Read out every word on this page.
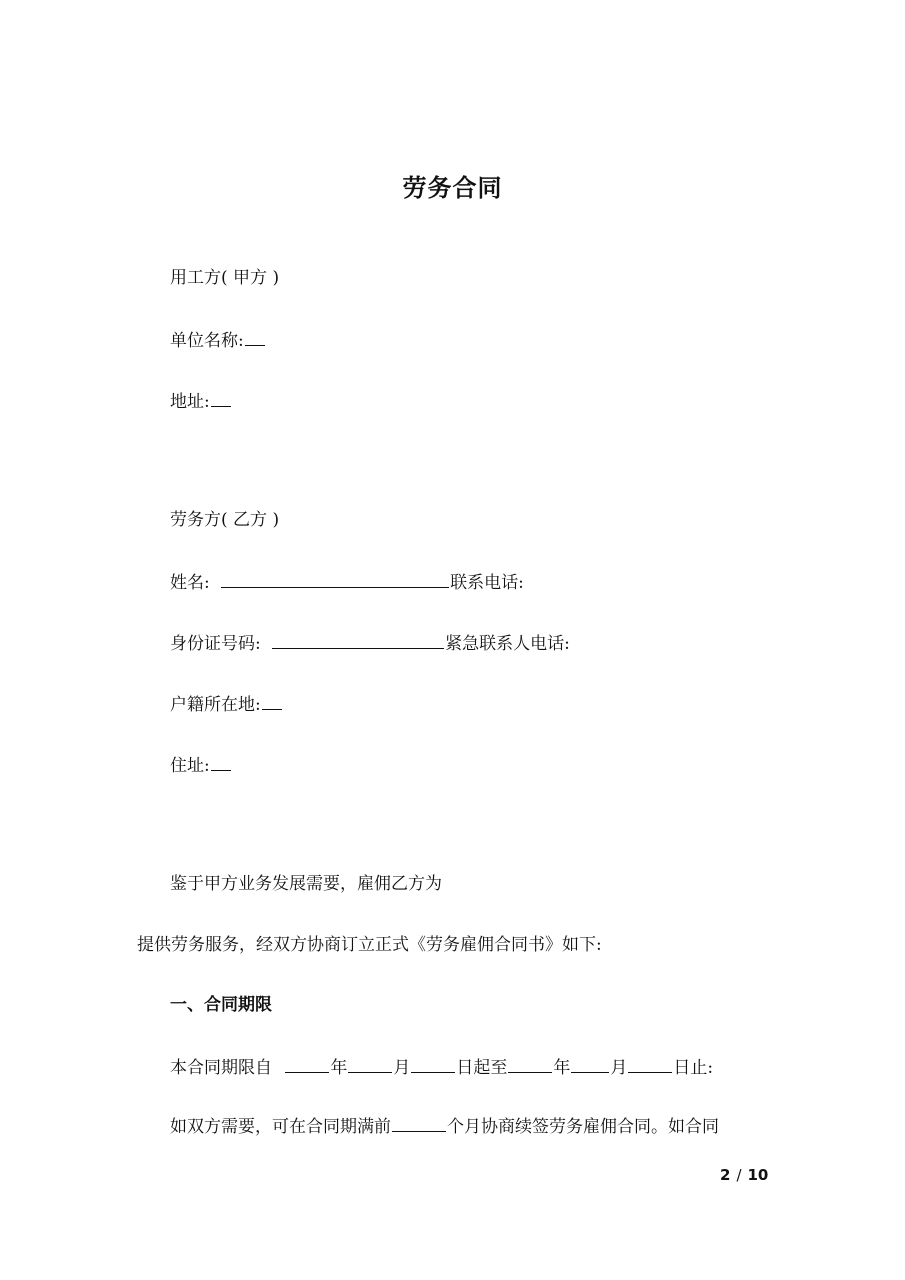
劳务合同
用工方( 甲方 )
单位名称:
地址:
劳务方( 乙方 )
姓名:	联系电话:
身份证号码:	紧急联系人电话:
户籍所在地:
住址:
鉴于甲方业务发展需要，雇佣乙方为
提供劳务服务，经双方协商订立正式《劳务雇佣合同书》如下:
一、合同期限
本合同期限自	年	月	日起至	年 月	日止:
如双方需要，可在合同期满前	个月协商续签劳务雇佣合同。如合同
2 / 10
